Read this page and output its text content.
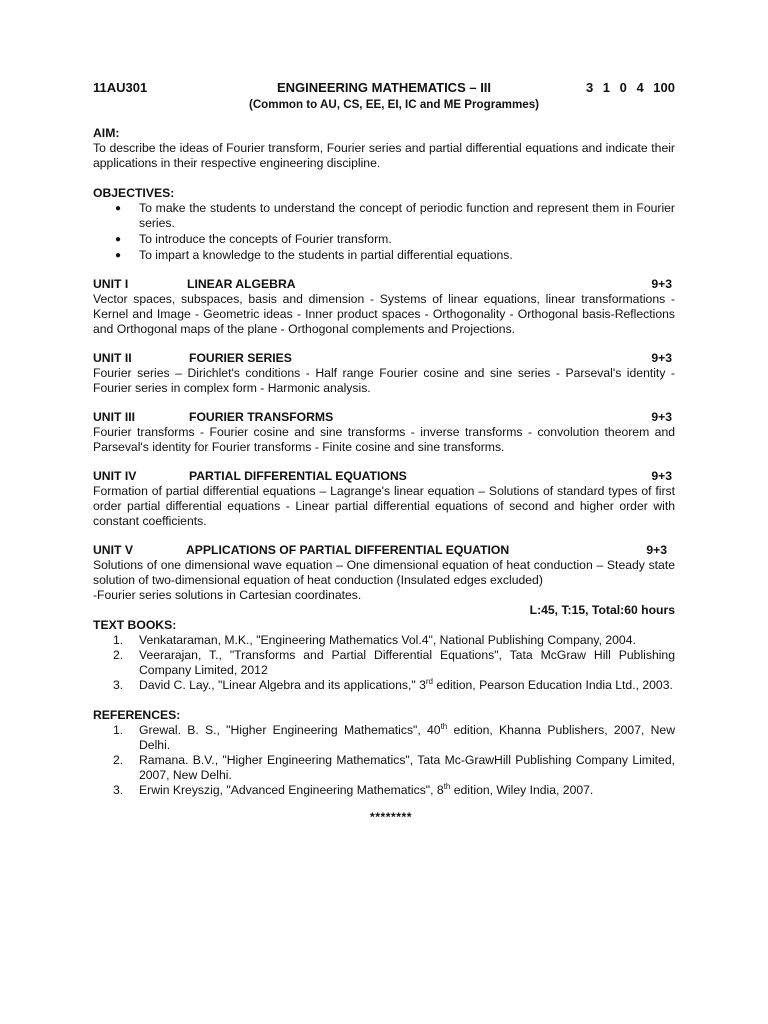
11AU301	ENGINEERING MATHEMATICS – III	3 1 0 4 100
(Common to AU, CS, EE, EI, IC and ME Programmes)
AIM:

To describe the ideas of Fourier transform, Fourier series and partial differential equations and indicate their applications in their respective engineering discipline.

OBJECTIVES:
● To make the students to understand the concept of periodic function and represent them in Fourier series.
● To introduce the concepts of Fourier transform.
● To impart a knowledge to the students in partial differential equations.
UNIT I	LINEAR ALGEBRA	9+3

Vector spaces, subspaces, basis and dimension - Systems of linear equations, linear transformations - Kernel and Image - Geometric ideas - Inner product spaces - Orthogonality - Orthogonal basis-Reflections and Orthogonal maps of the plane - Orthogonal complements and Projections.

UNIT II	FOURIER SERIES	9+3

Fourier series – Dirichlet's conditions - Half range Fourier cosine and sine series - Parseval's identity - Fourier series in complex form - Harmonic analysis.

UNIT III	FOURIER TRANSFORMS	9+3

Fourier transforms - Fourier cosine and sine transforms - inverse transforms - convolution theorem and Parseval's identity for Fourier transforms - Finite cosine and sine transforms.

UNIT IV	PARTIAL DIFFERENTIAL EQUATIONS	9+3

Formation of partial differential equations – Lagrange's linear equation – Solutions of standard types of first order partial differential equations - Linear partial differential equations of second and higher order with constant coefficients.

UNIT V	APPLICATIONS OF PARTIAL DIFFERENTIAL EQUATION	9+3

Solutions of one dimensional wave equation – One dimensional equation of heat conduction – Steady state solution of two-dimensional equation of heat conduction (Insulated edges excluded)

-Fourier series solutions in Cartesian coordinates.

L:45, T:15, Total:60 hours
TEXT BOOKS:
1. Venkataraman, M.K., "Engineering Mathematics Vol.4", National Publishing Company, 2004.
2. Veerarajan, T., "Transforms and Partial Differential Equations", Tata McGraw Hill Publishing Company Limited, 2012
3. David C. Lay., "Linear Algebra and its applications," 3rd edition, Pearson Education India Ltd., 2003.
REFERENCES:
1. Grewal. B. S., "Higher Engineering Mathematics", 40th edition, Khanna Publishers, 2007, New Delhi.
2. Ramana. B.V., "Higher Engineering Mathematics", Tata Mc-GrawHill Publishing Company Limited, 2007, New Delhi.
3. Erwin Kreyszig, "Advanced Engineering Mathematics", 8th edition, Wiley India, 2007.
********
